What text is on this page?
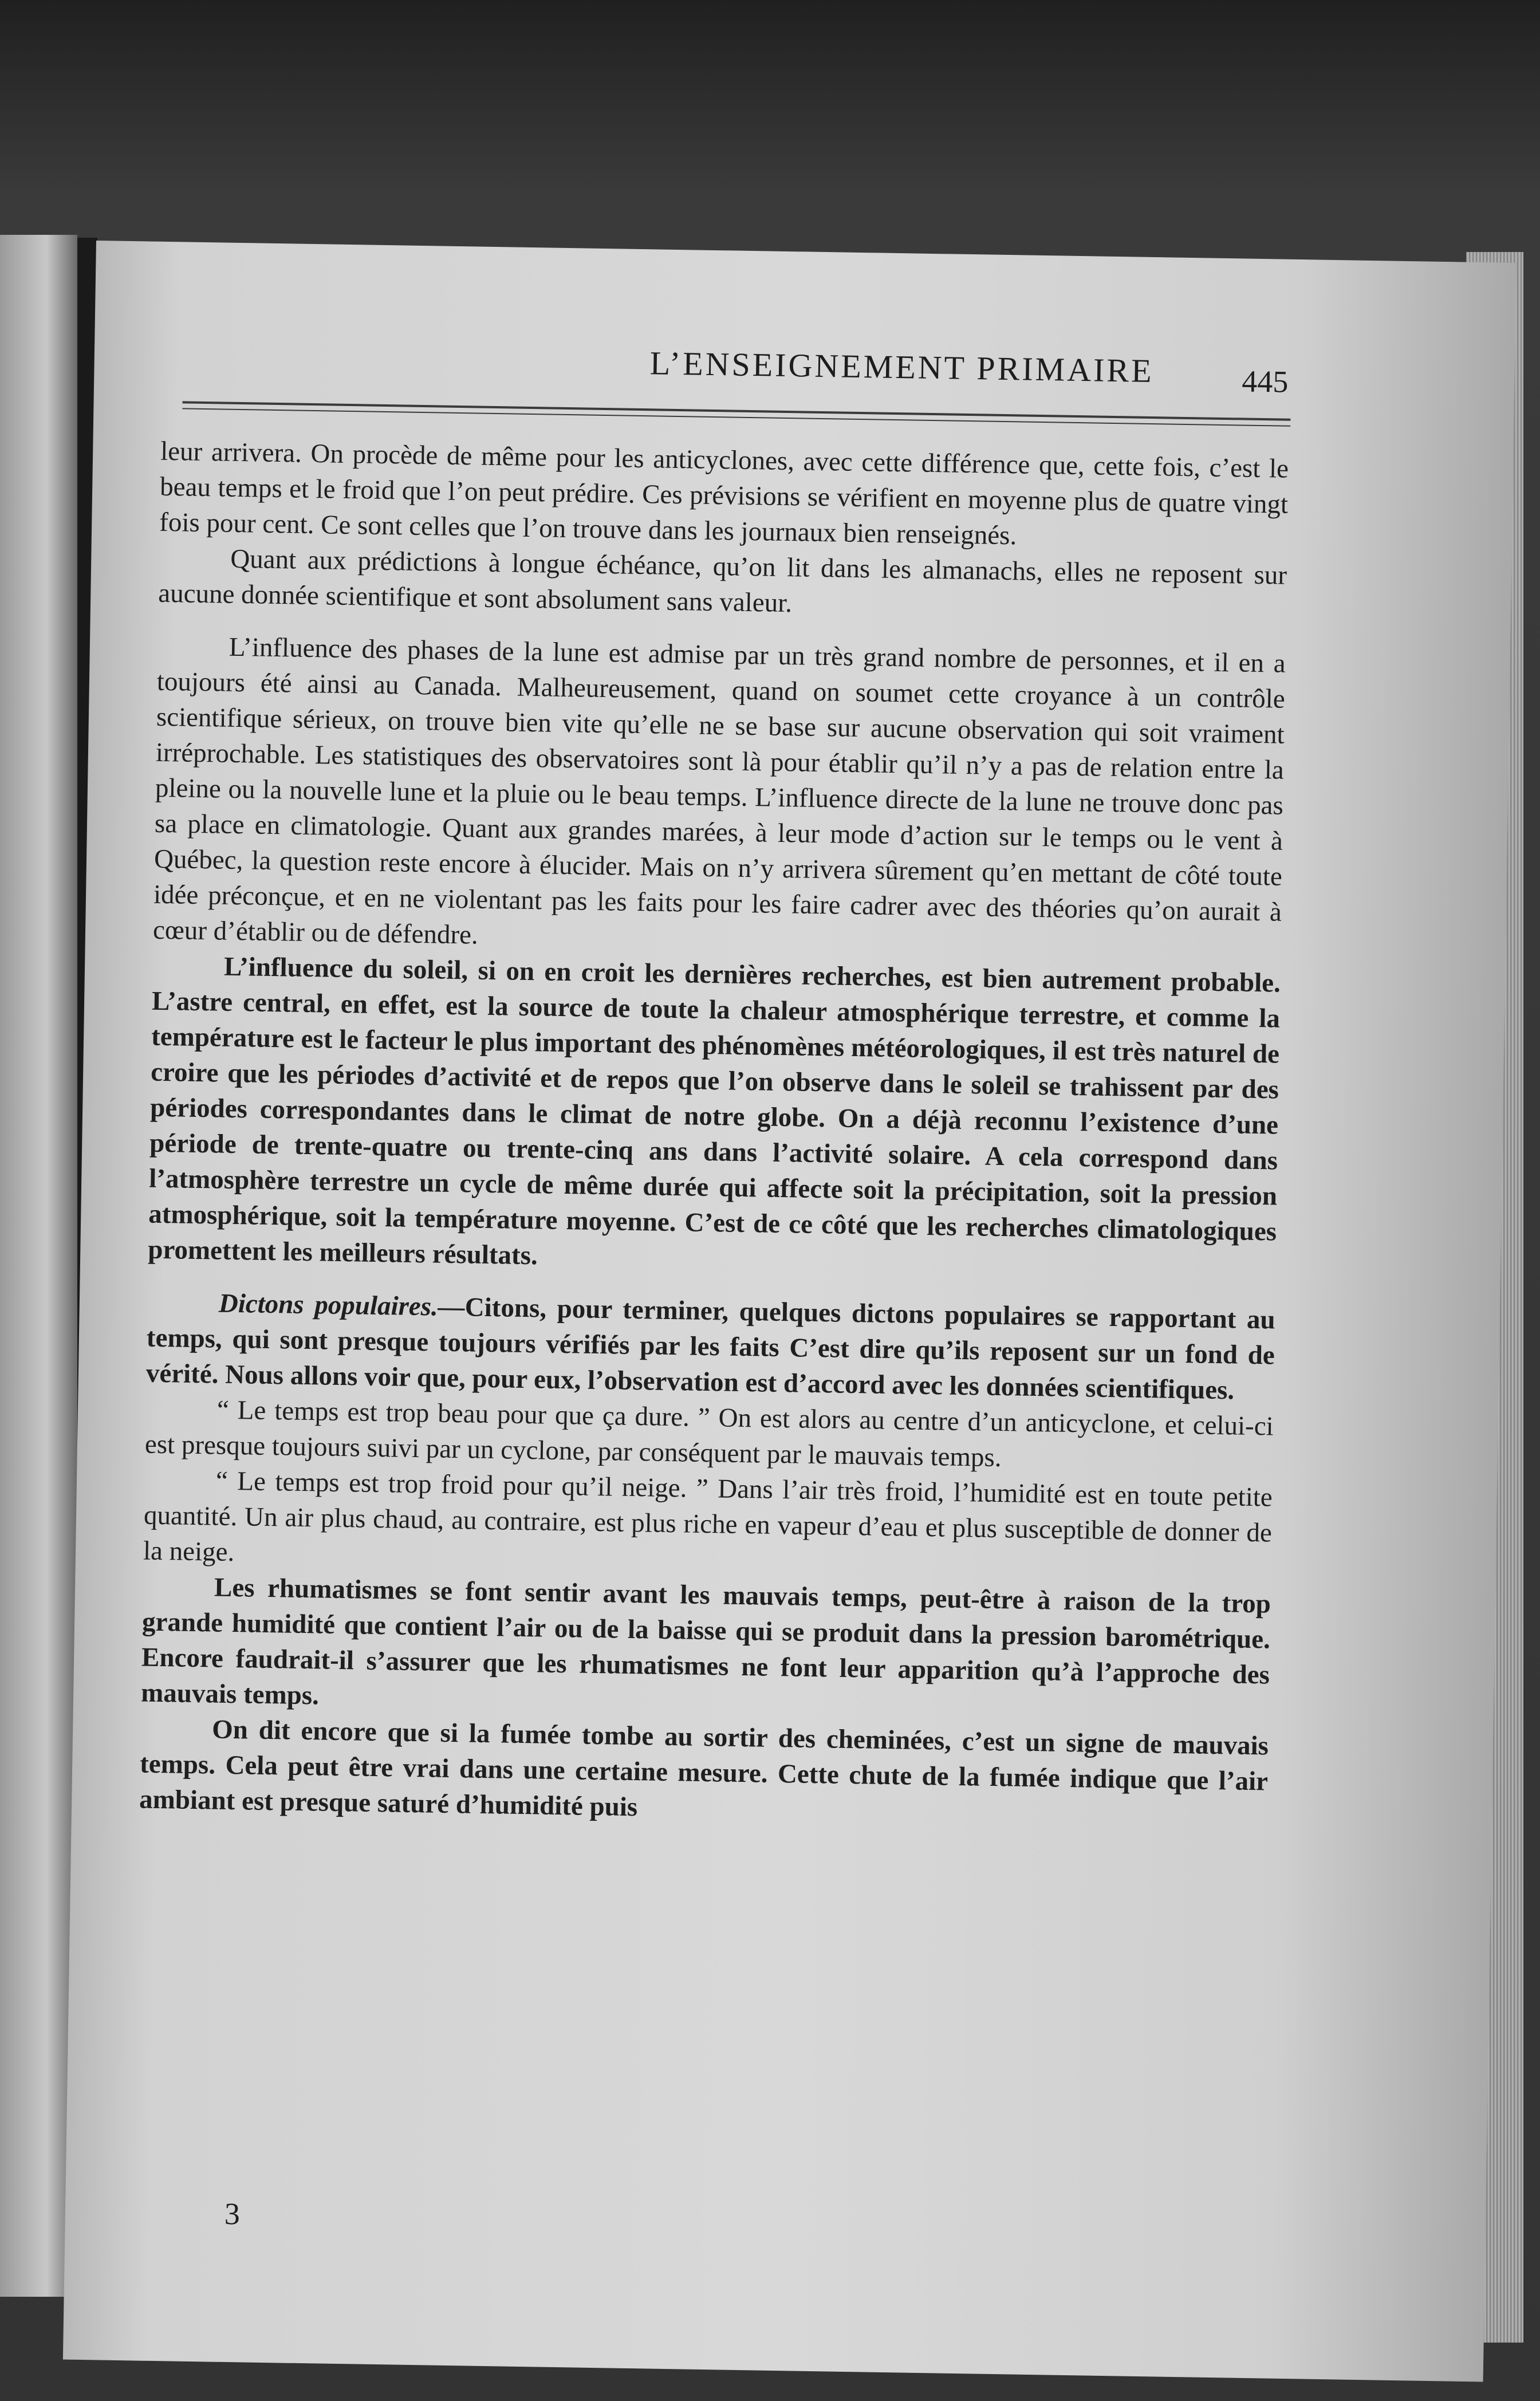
L’ENSEIGNEMENT PRIMAIRE	445

leur arrivera. On procède de même pour les anticyclones, avec cette différence que, cette fois, c’est le beau temps et le froid que l’on peut prédire. Ces prévisions se vérifient en moyenne plus de quatre vingt fois pour cent. Ce sont celles que l’on trouve dans les journaux bien renseignés.

Quant aux prédictions à longue échéance, qu’on lit dans les almanachs, elles ne reposent sur aucune donnée scientifique et sont absolument sans valeur.

L’influence des phases de la lune est admise par un très grand nombre de personnes, et il en a toujours été ainsi au Canada. Malheureusement, quand on soumet cette croyance à un contrôle scientifique sérieux, on trouve bien vite qu’elle ne se base sur aucune observation qui soit vraiment irréprochable. Les statistiques des observatoires sont là pour établir qu’il n’y a pas de relation entre la pleine ou la nouvelle lune et la pluie ou le beau temps. L’influence directe de la lune ne trouve donc pas sa place en climatologie. Quant aux grandes marées, à leur mode d’action sur le temps ou le vent à Québec, la question reste encore à élucider. Mais on n’y arrivera sûrement qu’en mettant de côté toute idée préconçue, et en ne violentant pas les faits pour les faire cadrer avec des théories qu’on aurait à cœur d’établir ou de défendre.

L’influence du soleil, si on en croit les dernières recherches, est bien autrement probable. L’astre central, en effet, est la source de toute la chaleur atmosphérique terrestre, et comme la température est le facteur le plus important des phénomènes météorologiques, il est très naturel de croire que les périodes d’activité et de repos que l’on observe dans le soleil se trahissent par des périodes correspondantes dans le climat de notre globe. On a déjà reconnu l’existence d’une période de trente-quatre ou trente-cinq ans dans l’activité solaire. A cela correspond dans l’atmosphère terrestre un cycle de même durée qui affecte soit la précipitation, soit la pression atmosphérique, soit la température moyenne. C’est de ce côté que les recherches climatologiques promettent les meilleurs résultats.

Dictons populaires.—Citons, pour terminer, quelques dictons populaires se rapportant au temps, qui sont presque toujours vérifiés par les faits C’est dire qu’ils reposent sur un fond de vérité. Nous allons voir que, pour eux, l’observation est d’accord avec les données scientifiques.

“ Le temps est trop beau pour que ça dure. ” On est alors au centre d’un anticyclone, et celui-ci est presque toujours suivi par un cyclone, par conséquent par le mauvais temps.

“ Le temps est trop froid pour qu’il neige. ” Dans l’air très froid, l’humidité est en toute petite quantité. Un air plus chaud, au contraire, est plus riche en vapeur d’eau et plus susceptible de donner de la neige.

Les rhumatismes se font sentir avant les mauvais temps, peut-être à raison de la trop grande humidité que contient l’air ou de la baisse qui se produit dans la pression barométrique. Encore faudrait-il s’assurer que les rhumatismes ne font leur apparition qu’à l’approche des mauvais temps.

On dit encore que si la fumée tombe au sortir des cheminées, c’est un signe de mauvais temps. Cela peut être vrai dans une certaine mesure. Cette chute de la fumée indique que l’air ambiant est presque saturé d’humidité puis

3
